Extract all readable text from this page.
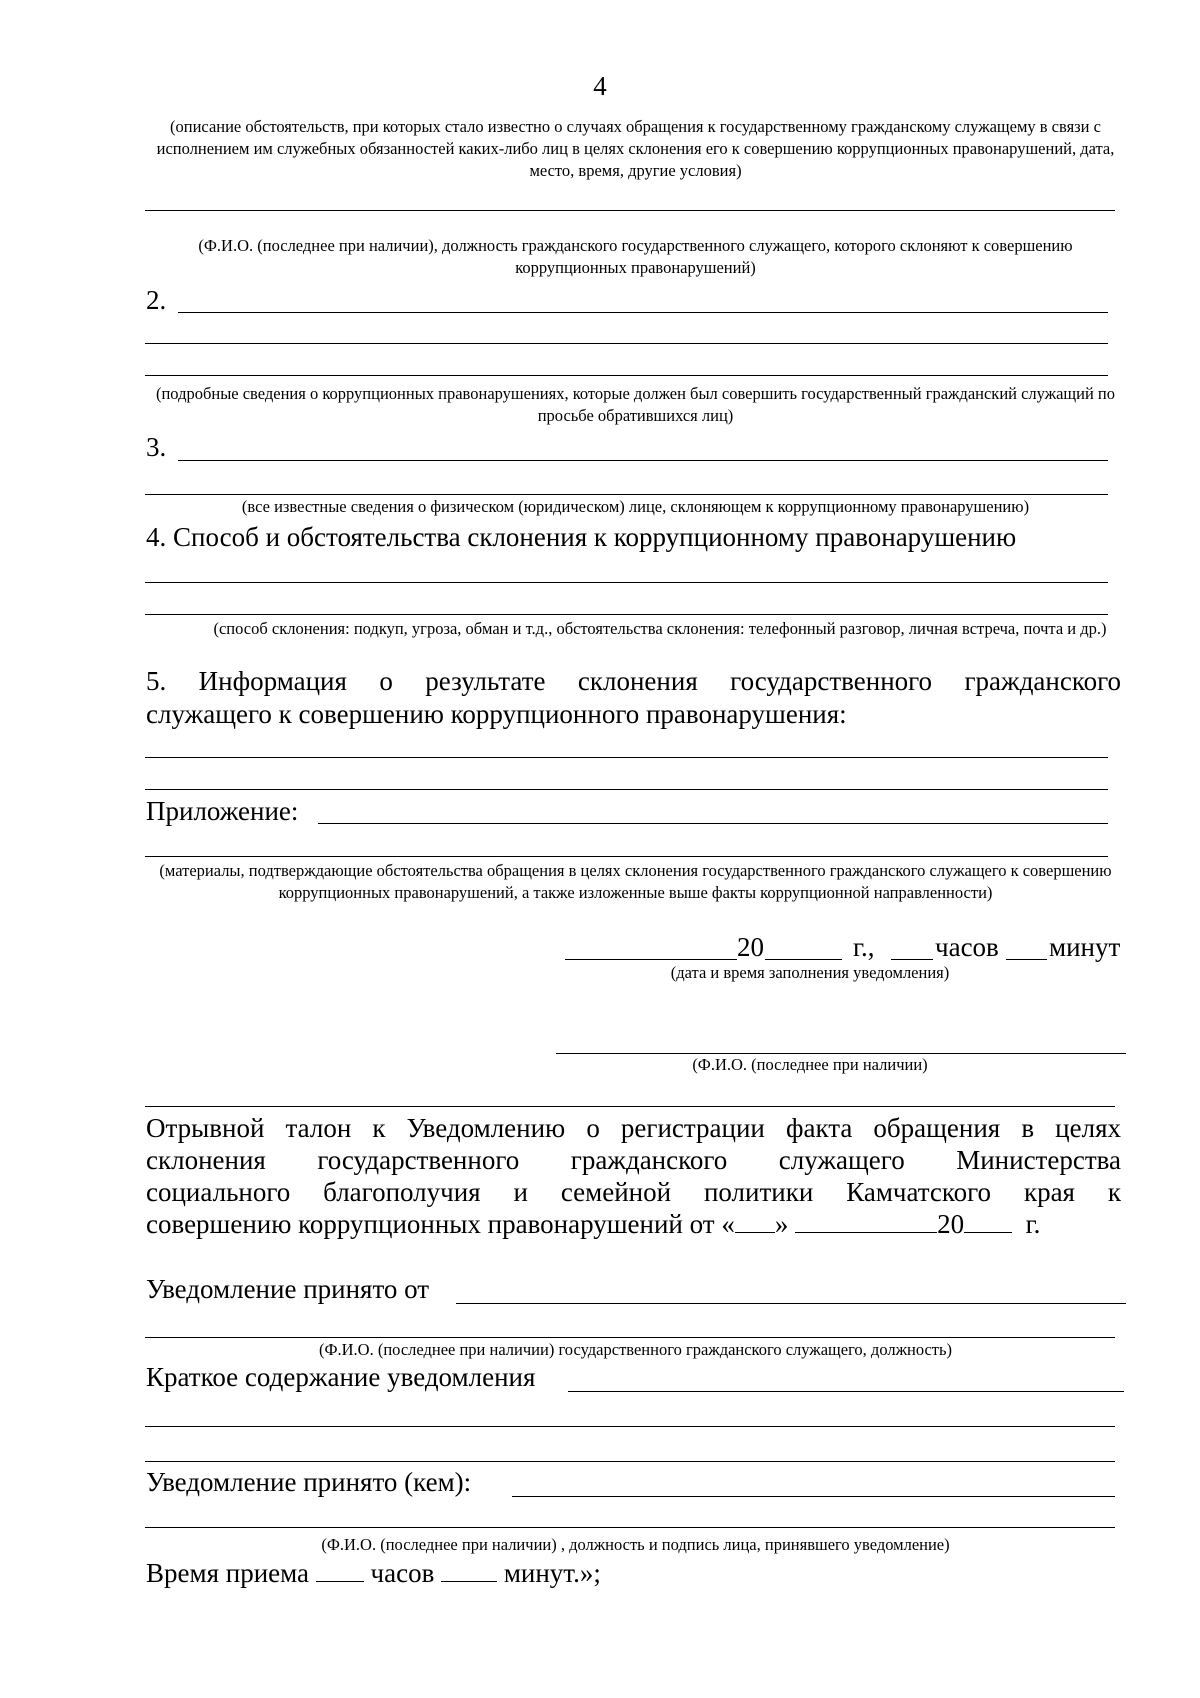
4
(описание обстоятельств, при которых стало известно о случаях обращения к государственному гражданскому служащему в связи с исполнением им служебных обязанностей каких-либо лиц в целях склонения его к совершению коррупционных правонарушений, дата, место, время, другие условия)
(Ф.И.О. (последнее при наличии), должность гражданского государственного служащего, которого склоняют к совершению коррупционных правонарушений)
2.
(подробные сведения о коррупционных правонарушениях, которые должен был совершить государственный гражданский служащий по просьбе обратившихся лиц)
3.
(все известные сведения о физическом (юридическом) лице, склоняющем к коррупционному правонарушению)
4. Способ и обстоятельства склонения к коррупционному правонарушению
(способ склонения: подкуп, угроза, обман и т.д., обстоятельства склонения: телефонный разговор, личная встреча, почта и др.)
5. Информация о результате склонения государственного гражданского
служащего к совершению коррупционного правонарушения:
Приложение:
(материалы, подтверждающие обстоятельства обращения в целях склонения государственного гражданского служащего к совершению коррупционных правонарушений, а также изложенные выше факты коррупционной направленности)
20	г., часов минут
(дата и время заполнения уведомления)
(Ф.И.О. (последнее при наличии)
Отрывной талон к Уведомлению о регистрации факта обращения в целях
склонения государственного гражданского служащего Министерства
социального благополучия и семейной политики Камчатского края к
совершению коррупционных правонарушений от « »	20 г.
Уведомление принято от
(Ф.И.О. (последнее при наличии) государственного гражданского служащего, должность)
Краткое содержание уведомления
Уведомление принято (кем):
(Ф.И.О. (последнее при наличии) , должность и подпись лица, принявшего уведомление)
Время приема часов	минут.»;
